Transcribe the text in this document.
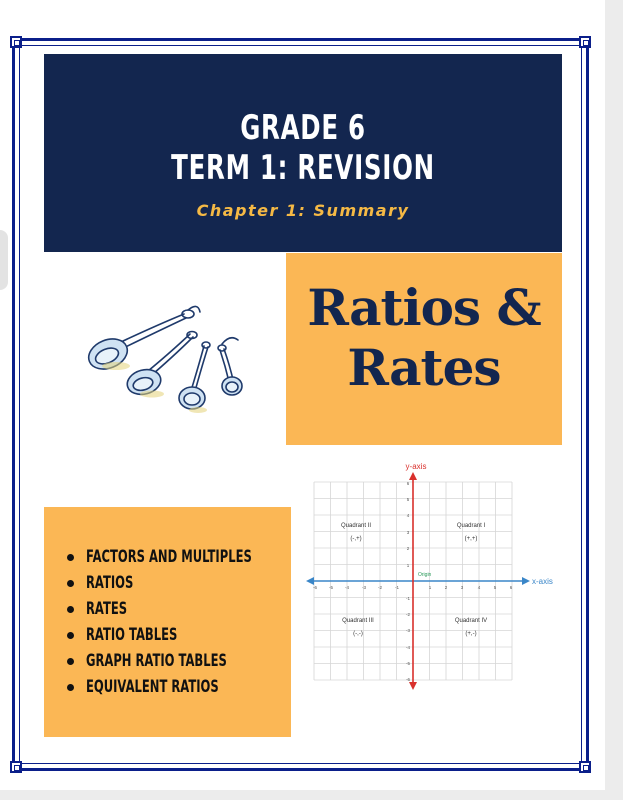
GRADE 6
TERM 1: REVISION
Chapter 1: Summary
Ratios &
Rates
y-axis
x-axis
Origin
Quadrant II
(-,+)
Quadrant I
(+,+)
Quadrant III
(-,-)
Quadrant IV
(+,-)
-6	-5	-4	-3	-2	-1	1	2	3	4	5	6
6
5
4
3
2
1
-1
-2
-3
-4
-5
-6
FACTORS AND MULTIPLES
RATIOS
RATES
RATIO TABLES
GRAPH RATIO TABLES
EQUIVALENT RATIOS
